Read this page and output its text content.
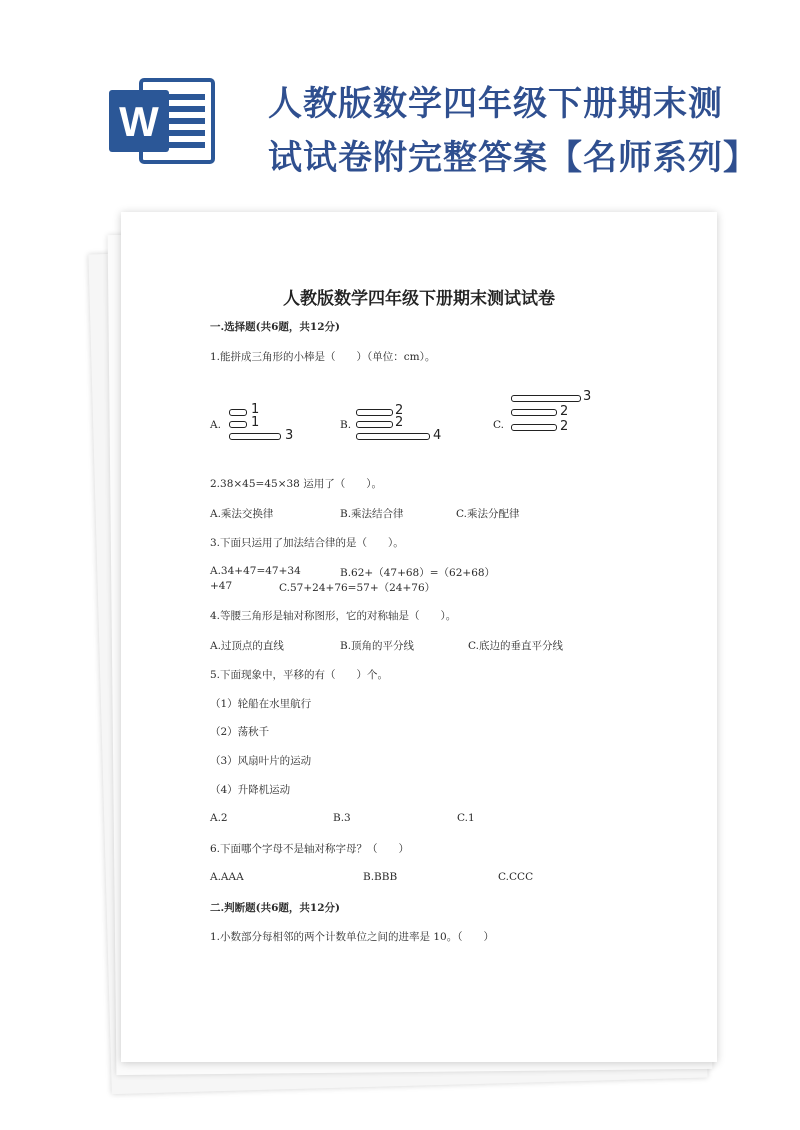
W	人教版数学四年级下册期末测
试试卷附完整答案【名师系列】
人教版数学四年级下册期末测试试卷
一.选择题(共6题，共12分)
1.能拼成三角形的小棒是（　　）（单位：cm）。
A.
1
1
3
B.
2
2
4
C.
3
2
2
2.38×45=45×38 运用了（　　）。
A.乘法交换律	B.乘法结合律	C.乘法分配律
3.下面只运用了加法结合律的是（　　）。
A.34+47=47+34	B.62+（47+68）=（62+68）
+47	C.57+24+76=57+（24+76）
4.等腰三角形是轴对称图形，它的对称轴是（　　）。
A.过顶点的直线	B.顶角的平分线	C.底边的垂直平分线
5.下面现象中，平移的有（　　）个。
（1）轮船在水里航行
（2）荡秋千
（3）风扇叶片的运动
（4）升降机运动
A.2	B.3	C.1
6.下面哪个字母不是轴对称字母？（　　）
A.AAA	B.BBB	C.CCC
二.判断题(共6题，共12分)
1.小数部分每相邻的两个计数单位之间的进率是 10。（　　）
